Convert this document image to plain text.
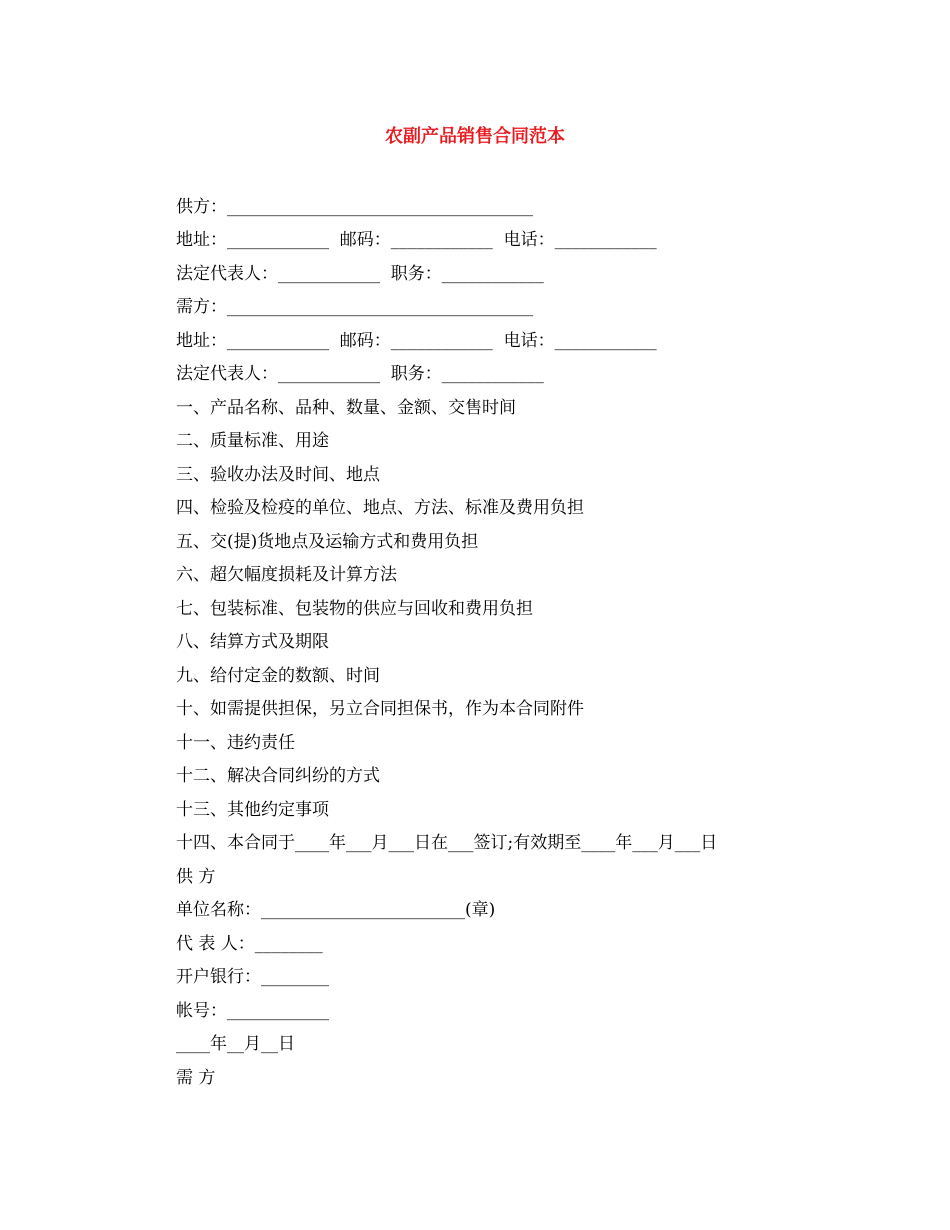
农副产品销售合同范本
供方：____________________________________
地址：____________  邮码：____________  电话：____________
法定代表人：____________  职务：____________
需方：____________________________________
地址：____________  邮码：____________  电话：____________
法定代表人：____________  职务：____________
一、产品名称、品种、数量、金额、交售时间
二、质量标准、用途
三、验收办法及时间、地点
四、检验及检疫的单位、地点、方法、标准及费用负担
五、交(提)货地点及运输方式和费用负担
六、超欠幅度损耗及计算方法
七、包装标准、包装物的供应与回收和费用负担
八、结算方式及期限
九、给付定金的数额、时间
十、如需提供担保，另立合同担保书，作为本合同附件
十一、违约责任
十二、解决合同纠纷的方式
十三、其他约定事项
十四、本合同于____年___月___日在___签订;有效期至____年___月___日
供 方
单位名称：________________________(章)
代 表 人：________
开户银行：________
帐号：____________
____年__月__日
需 方
